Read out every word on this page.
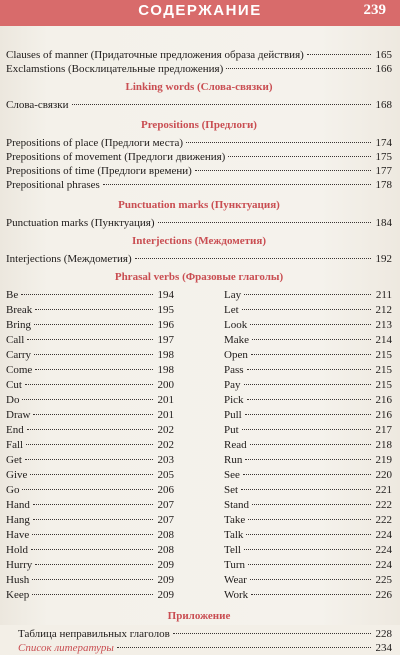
СОДЕРЖАНИЕ	239
Clauses of manner (Придаточные предложения образа действия)	165
Exclamstions (Восклицательные предложения)	166
Linking words (Слова-связки)
Слова-связки	168
Prepositions (Предлоги)
Prepositions of place (Предлоги места)	174
Prepositions of movement (Предлоги движения)	175
Prepositions of time (Предлоги времени)	177
Prepositional phrases	178
Punctuation marks (Пунктуация)
Punctuation marks (Пунктуация)	184
Interjections (Междометия)
Interjections (Междометия)	192
Phrasal verbs (Фразовые глаголы)
Be	194
Break	195
Bring	196
Call	197
Carry	198
Come	198
Cut	200
Do	201
Draw	201
End	202
Fall	202
Get	203
Give	205
Go	206
Hand	207
Hang	207
Have	208
Hold	208
Hurry	209
Hush	209
Keep	209
Lay	211
Let	212
Look	213
Make	214
Open	215
Pass	215
Pay	215
Pick	216
Pull	216
Put	217
Read	218
Run	219
See	220
Set	221
Stand	222
Take	222
Talk	224
Tell	224
Turn	224
Wear	225
Work	226
Приложение
Таблица неправильных глаголов	228
Список литературы	234
